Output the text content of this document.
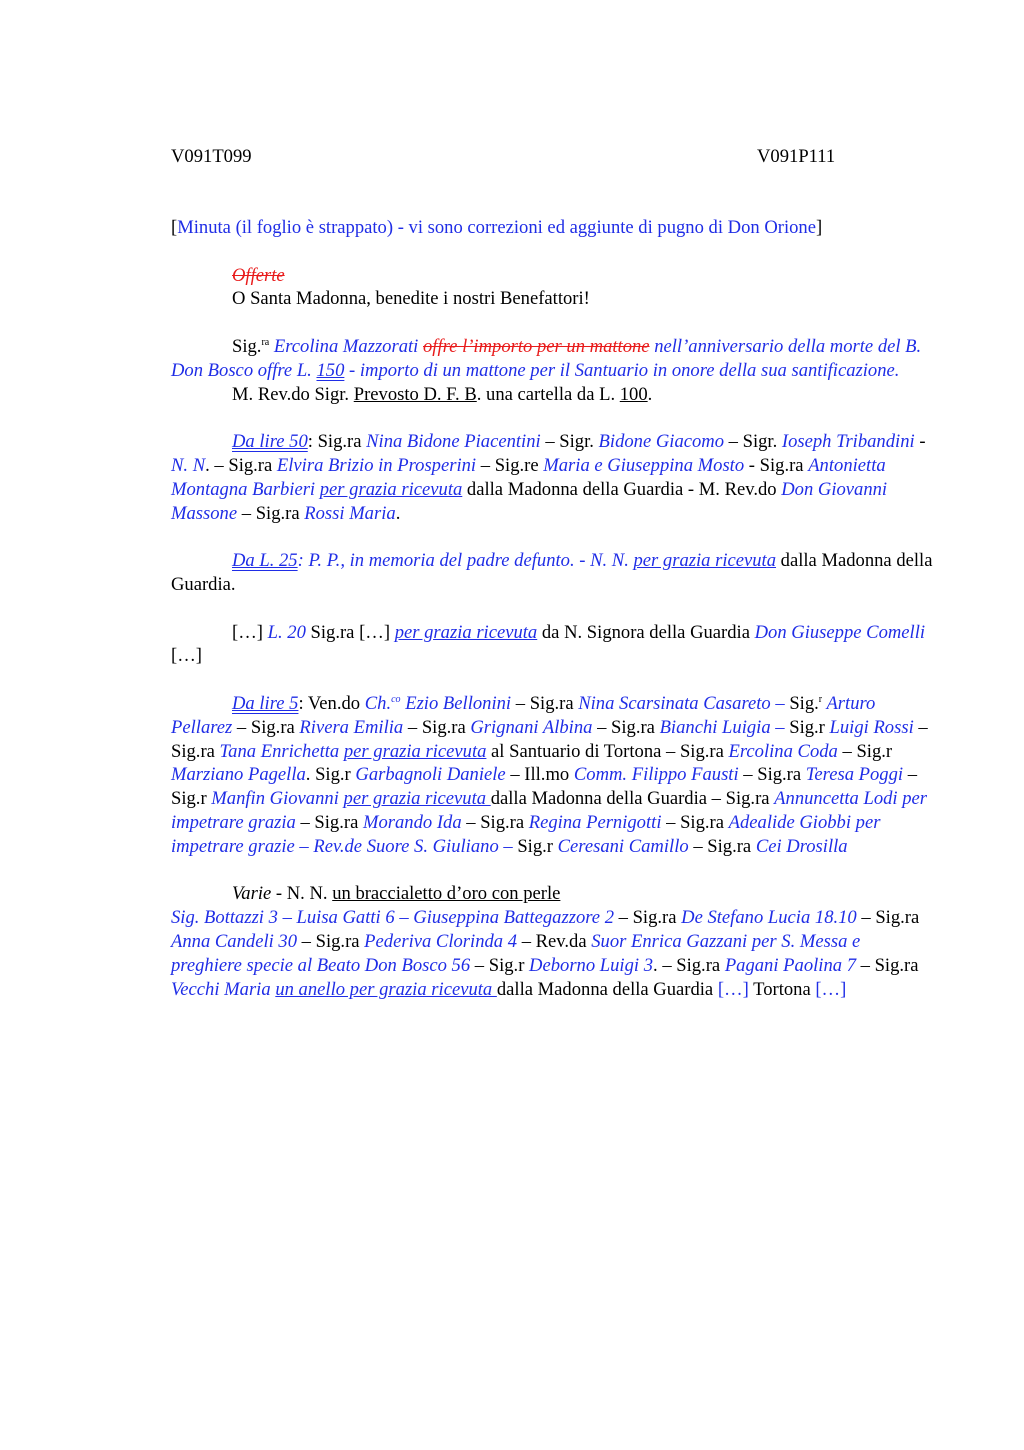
V091T099	V091P111

[Minuta (il foglio è strappato) - vi sono correzioni ed aggiunte di pugno di Don Orione]

Offerte

O Santa Madonna, benedite i nostri Benefattori!

Sig.$^{ra}$ Ercolina Mazzorati offre l’importo per un mattone nell’anniversario della morte del B. Don Bosco offre L. 150 - importo di un mattone per il Santuario in onore della sua santificazione.

M. Rev.do Sigr. Prevosto D. F. B. una cartella da L. 100.

Da lire 50: Sig.ra Nina Bidone Piacentini – Sigr. Bidone Giacomo – Sigr. Ioseph Tribandini - N. N. – Sig.ra Elvira Brizio in Prosperini – Sig.re Maria e Giuseppina Mosto - Sig.ra Antonietta Montagna Barbieri per grazia ricevuta dalla Madonna della Guardia - M. Rev.do Don Giovanni Massone – Sig.ra Rossi Maria.

Da L. 25: P. P., in memoria del padre defunto. - N. N. per grazia ricevuta dalla Madonna della Guardia.

[…] L. 20 Sig.ra […] per grazia ricevuta da N. Signora della Guardia Don Giuseppe Comelli […]

Da lire 5: Ven.do Ch.$^{co}$ Ezio Bellonini – Sig.ra Nina Scarsinata Casareto – Sig.$^r$ Arturo Pellarez – Sig.ra Rivera Emilia – Sig.ra Grignani Albina – Sig.ra Bianchi Luigia – Sig.r Luigi Rossi – Sig.ra Tana Enrichetta per grazia ricevuta al Santuario di Tortona – Sig.ra Ercolina Coda – Sig.r Marziano Pagella. Sig.r Garbagnoli Daniele – Ill.mo Comm. Filippo Fausti – Sig.ra Teresa Poggi – Sig.r Manfin Giovanni per grazia ricevuta dalla Madonna della Guardia – Sig.ra Annuncetta Lodi per impetrare grazia – Sig.ra Morando Ida – Sig.ra Regina Pernigotti – Sig.ra Adealide Giobbi per impetrare grazie – Rev.de Suore S. Giuliano – Sig.r Ceresani Camillo – Sig.ra Cei Drosilla

Varie - N. N. un braccialetto d’oro con perle

Sig. Bottazzi 3 – Luisa Gatti 6 – Giuseppina Battegazzore 2 – Sig.ra De Stefano Lucia 18.10 – Sig.ra Anna Candeli 30 – Sig.ra Pederiva Clorinda 4 – Rev.da Suor Enrica Gazzani per S. Messa e preghiere specie al Beato Don Bosco 56 – Sig.r Deborno Luigi 3. – Sig.ra Pagani Paolina 7 – Sig.ra Vecchi Maria un anello per grazia ricevuta dalla Madonna della Guardia […] Tortona […]
